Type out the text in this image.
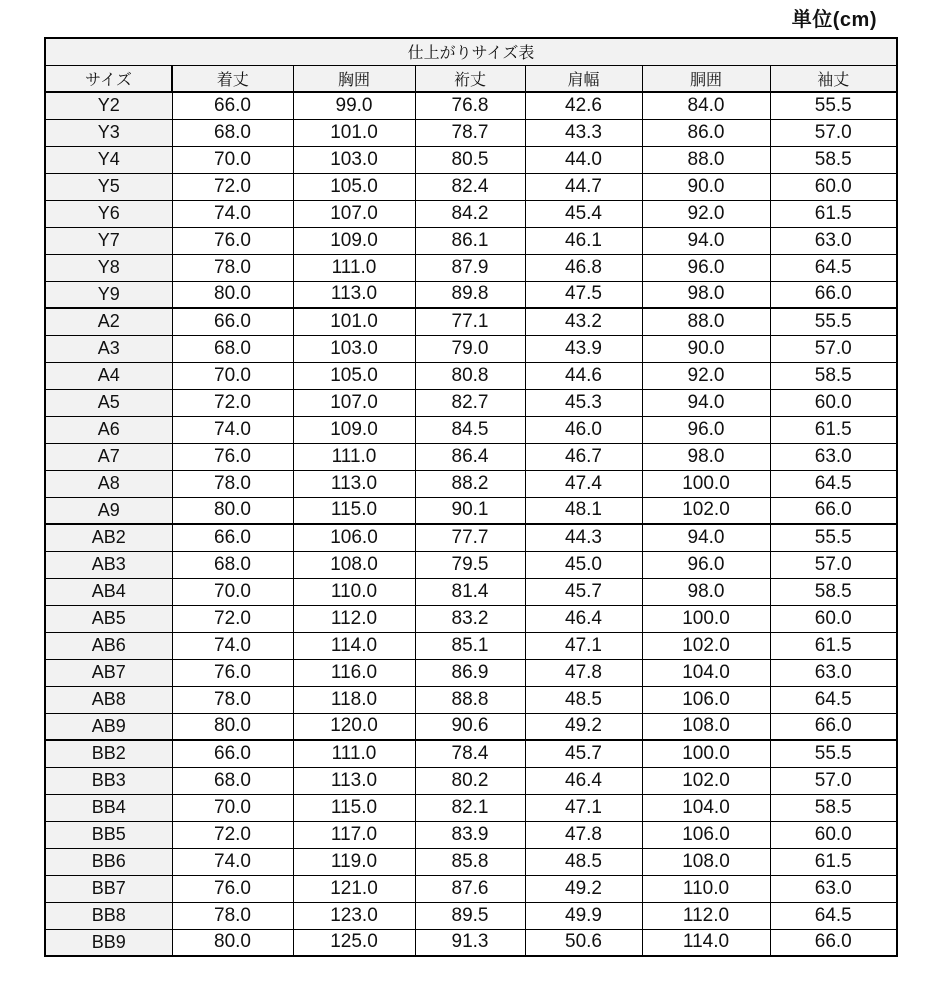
単位(cm)
仕上がりサイズ表						
サイズ	着丈	胸囲	裄丈	肩幅	胴囲	袖丈
Y2	66.0	99.0	76.8	42.6	84.0	55.5
Y3	68.0	101.0	78.7	43.3	86.0	57.0
Y4	70.0	103.0	80.5	44.0	88.0	58.5
Y5	72.0	105.0	82.4	44.7	90.0	60.0
Y6	74.0	107.0	84.2	45.4	92.0	61.5
Y7	76.0	109.0	86.1	46.1	94.0	63.0
Y8	78.0	111.0	87.9	46.8	96.0	64.5
Y9	80.0	113.0	89.8	47.5	98.0	66.0
A2	66.0	101.0	77.1	43.2	88.0	55.5
A3	68.0	103.0	79.0	43.9	90.0	57.0
A4	70.0	105.0	80.8	44.6	92.0	58.5
A5	72.0	107.0	82.7	45.3	94.0	60.0
A6	74.0	109.0	84.5	46.0	96.0	61.5
A7	76.0	111.0	86.4	46.7	98.0	63.0
A8	78.0	113.0	88.2	47.4	100.0	64.5
A9	80.0	115.0	90.1	48.1	102.0	66.0
AB2	66.0	106.0	77.7	44.3	94.0	55.5
AB3	68.0	108.0	79.5	45.0	96.0	57.0
AB4	70.0	110.0	81.4	45.7	98.0	58.5
AB5	72.0	112.0	83.2	46.4	100.0	60.0
AB6	74.0	114.0	85.1	47.1	102.0	61.5
AB7	76.0	116.0	86.9	47.8	104.0	63.0
AB8	78.0	118.0	88.8	48.5	106.0	64.5
AB9	80.0	120.0	90.6	49.2	108.0	66.0
BB2	66.0	111.0	78.4	45.7	100.0	55.5
BB3	68.0	113.0	80.2	46.4	102.0	57.0
BB4	70.0	115.0	82.1	47.1	104.0	58.5
BB5	72.0	117.0	83.9	47.8	106.0	60.0
BB6	74.0	119.0	85.8	48.5	108.0	61.5
BB7	76.0	121.0	87.6	49.2	110.0	63.0
BB8	78.0	123.0	89.5	49.9	112.0	64.5
BB9	80.0	125.0	91.3	50.6	114.0	66.0
